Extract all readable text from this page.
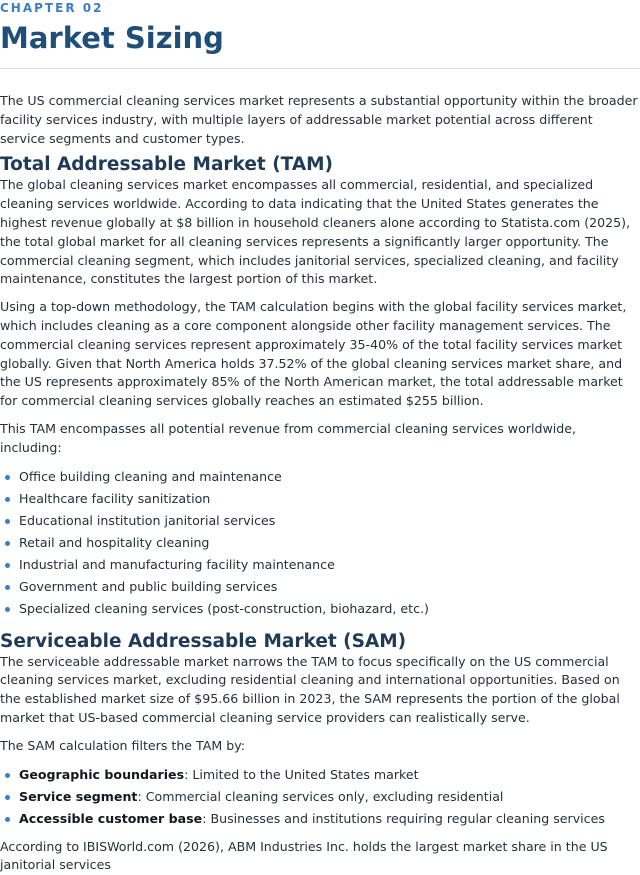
CHAPTER 02
Market Sizing

The US commercial cleaning services market represents a substantial opportunity within the broader facility services industry, with multiple layers of addressable market potential across different service segments and customer types.

Total Addressable Market (TAM)

The global cleaning services market encompasses all commercial, residential, and specialized cleaning services worldwide. According to data indicating that the United States generates the highest revenue globally at $8 billion in household cleaners alone according to Statista.com (2025), the total global market for all cleaning services represents a significantly larger opportunity. The commercial cleaning segment, which includes janitorial services, specialized cleaning, and facility maintenance, constitutes the largest portion of this market.

Using a top-down methodology, the TAM calculation begins with the global facility services market, which includes cleaning as a core component alongside other facility management services. The commercial cleaning services represent approximately 35-40% of the total facility services market globally. Given that North America holds 37.52% of the global cleaning services market share, and the US represents approximately 85% of the North American market, the total addressable market for commercial cleaning services globally reaches an estimated $255 billion.

This TAM encompasses all potential revenue from commercial cleaning services worldwide, including:

Office building cleaning and maintenance
Healthcare facility sanitization
Educational institution janitorial services
Retail and hospitality cleaning
Industrial and manufacturing facility maintenance
Government and public building services
Specialized cleaning services (post-construction, biohazard, etc.)
Serviceable Addressable Market (SAM)

The serviceable addressable market narrows the TAM to focus specifically on the US commercial cleaning services market, excluding residential cleaning and international opportunities. Based on the established market size of $95.66 billion in 2023, the SAM represents the portion of the global market that US-based commercial cleaning service providers can realistically serve.

The SAM calculation filters the TAM by:

Geographic boundaries: Limited to the United States market
Service segment: Commercial cleaning services only, excluding residential
Accessible customer base: Businesses and institutions requiring regular cleaning services

According to IBISWorld.com (2026), ABM Industries Inc. holds the largest market share in the US janitorial services
